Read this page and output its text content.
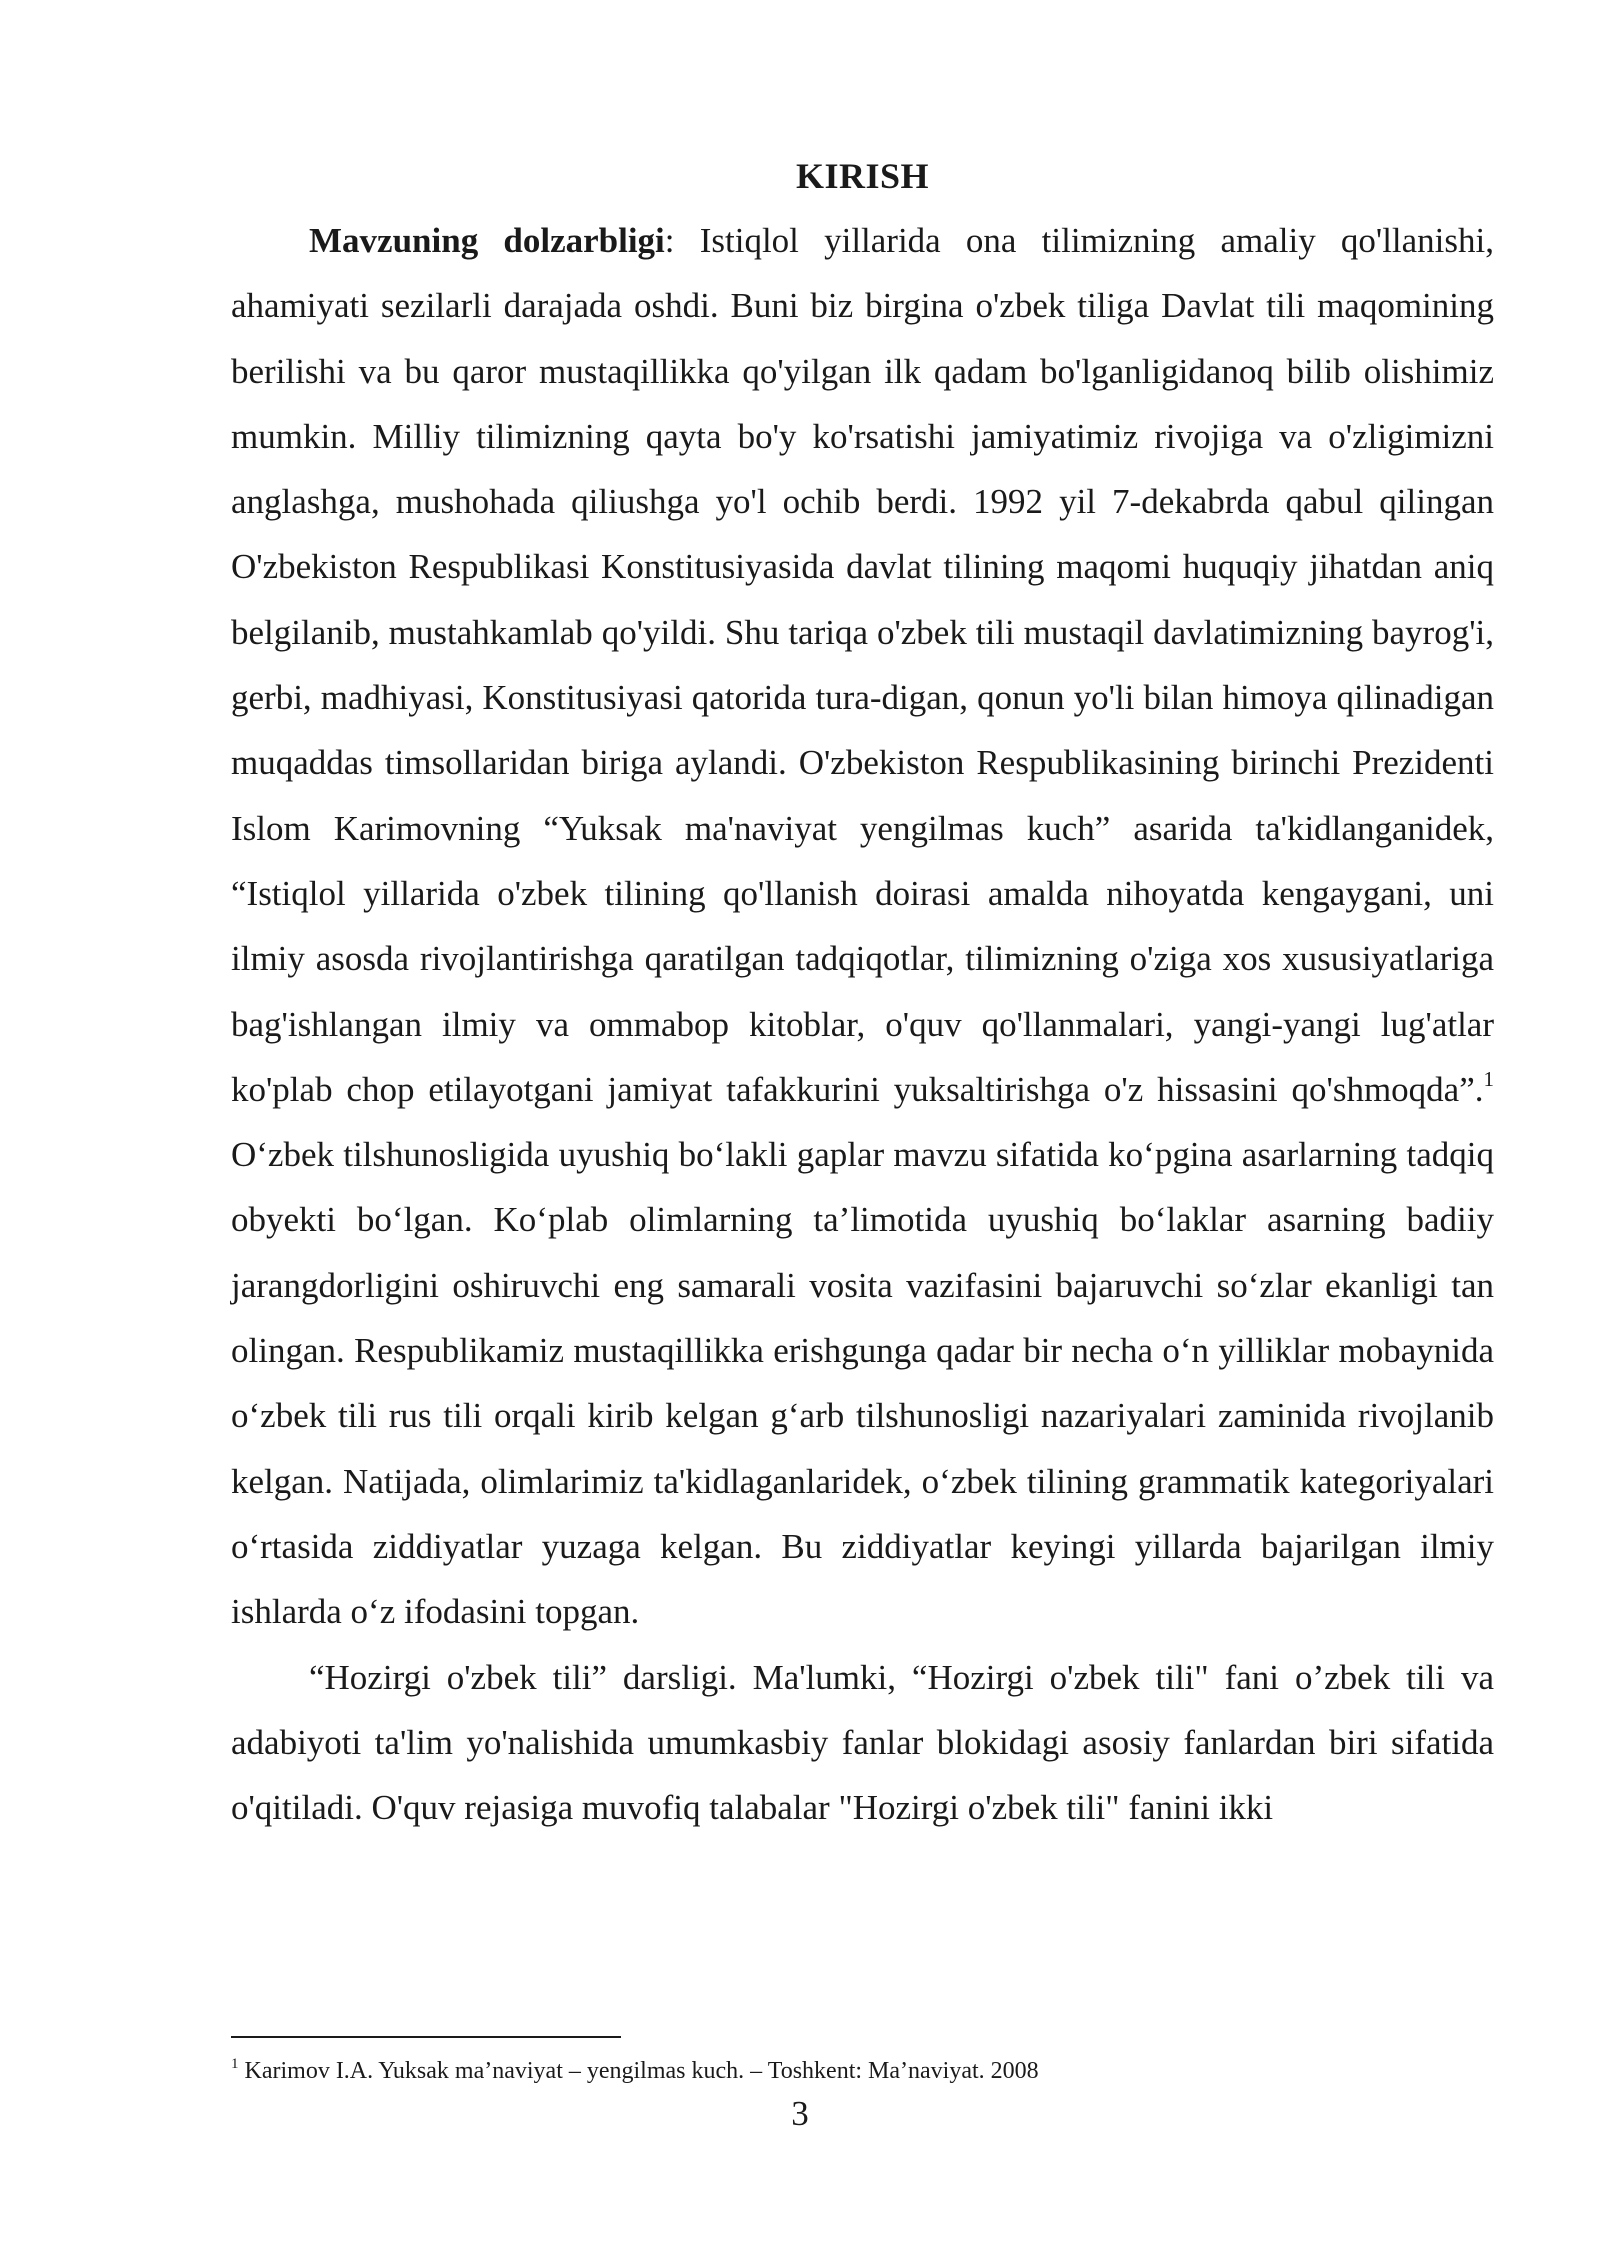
KIRISH

Mavzuning dolzarbligi: Istiqlol yillarida ona tilimizning amaliy qo'llanishi, ahamiyati sezilarli darajada oshdi. Buni biz birgina o'zbek tiliga Davlat tili maqomining berilishi va bu qaror mustaqillikka qo'yilgan ilk qadam bo'lganligidanoq bilib olishimiz mumkin. Milliy tilimizning qayta bo'y ko'rsatishi jamiyatimiz rivojiga va o'zligimizni anglashga, mushohada qiliushga yo'l ochib berdi. 1992 yil 7-dekabrda qabul qilingan O'zbekiston Respublikasi Konstitusiyasida davlat tilining maqomi huquqiy jihatdan aniq belgilanib, mustahkamlab qo'yildi. Shu tariqa o'zbek tili mustaqil davlatimizning bayrog'i, gerbi, madhiyasi, Konstitusiyasi qatorida tura-digan, qonun yo'li bilan himoya qilinadigan muqaddas timsollaridan biriga aylandi. O'zbekiston Respublikasining birinchi Prezidenti Islom Karimovning “Yuksak ma'naviyat yengilmas kuch” asarida ta'kidlanganidek, “Istiqlol yillarida o'zbek tilining qo'llanish doirasi amalda nihoyatda kengaygani, uni ilmiy asosda rivojlantirishga qaratilgan tadqiqotlar, tilimizning o'ziga xos xususiyatlariga bag'ishlangan ilmiy va ommabop kitoblar, o'quv qo'llanmalari, yangi-yangi lug'atlar ko'plab chop etilayotgani jamiyat tafakkurini yuksaltirishga o'z hissasini qo'shmoqda”.$^1$ O‘zbek tilshunosligida uyushiq bo‘lakli gaplar mavzu sifatida ko‘pgina asarlarning tadqiq obyekti bo‘lgan. Ko‘plab olimlarning ta’limotida uyushiq bo‘laklar asarning badiiy jarangdorligini oshiruvchi eng samarali vosita vazifasini bajaruvchi so‘zlar ekanligi tan olingan. Respublikamiz mustaqillikka erishgunga qadar bir necha o‘n yilliklar mobaynida o‘zbek tili rus tili orqali kirib kelgan g‘arb tilshunosligi nazariyalari zaminida rivojlanib kelgan. Natijada, olimlarimiz ta'kidlaganlaridek, o‘zbek tilining grammatik kategoriyalari o‘rtasida ziddiyatlar yuzaga kelgan. Bu ziddiyatlar keyingi yillarda bajarilgan ilmiy ishlarda o‘z ifodasini topgan.

“Hozirgi o'zbek tili” darsligi. Ma'lumki, “Hozirgi o'zbek tili" fani o’zbek tili va adabiyoti ta'lim yo'nalishida umumkasbiy fanlar blokidagi asosiy fanlardan biri sifatida o'qitiladi. O'quv rejasiga muvofiq talabalar "Hozirgi o'zbek tili" fanini ikki

$^1$ Karimov I.A. Yuksak ma’naviyat – yengilmas kuch. – Toshkent: Ma’naviyat. 2008
3
